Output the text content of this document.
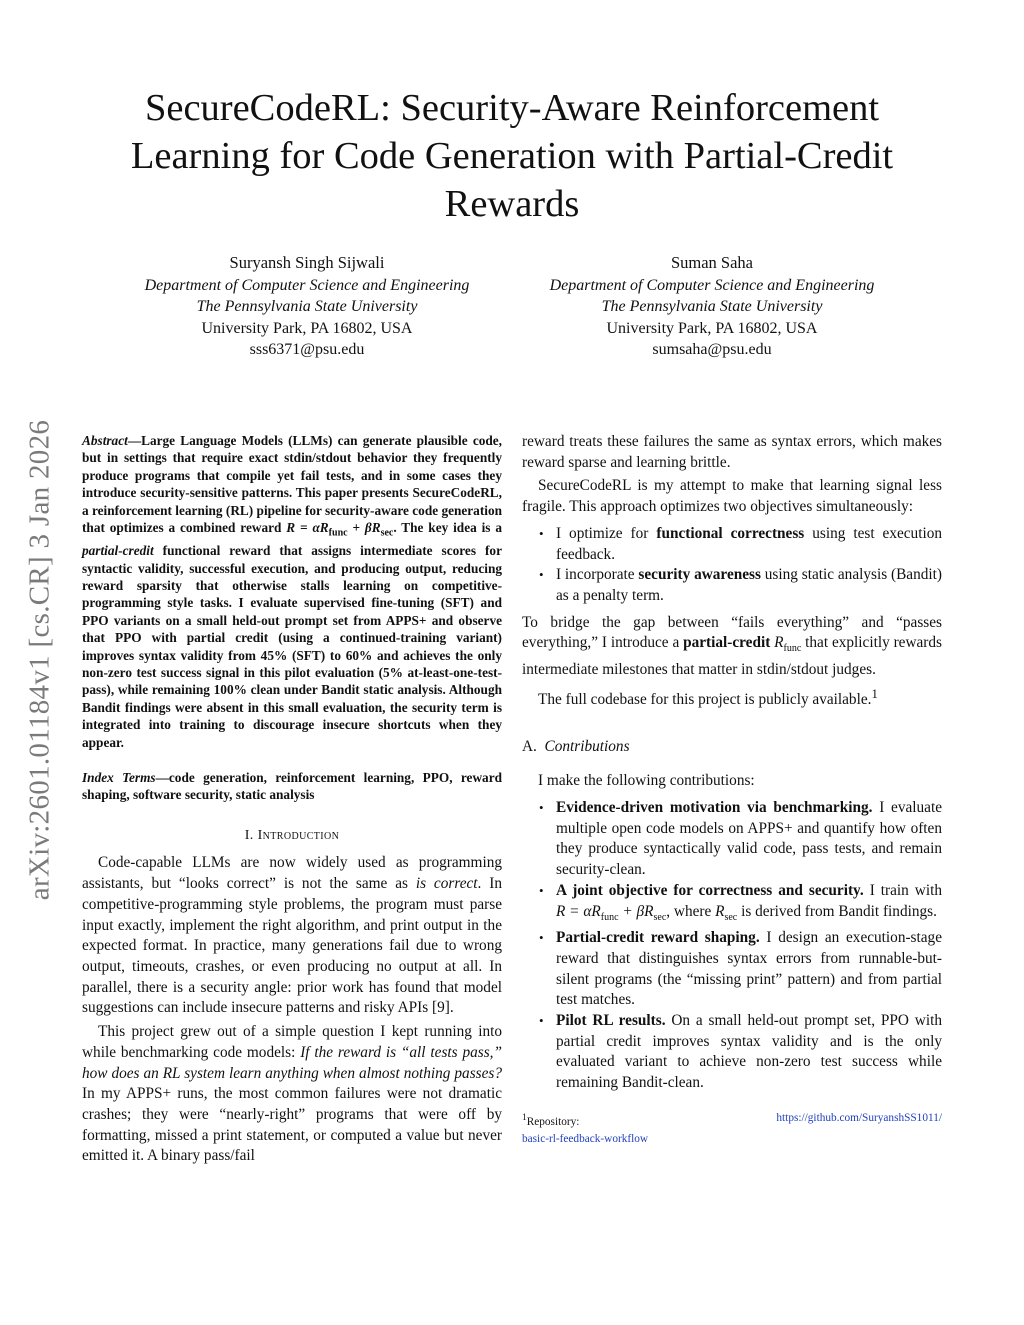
arXiv:2601.01184v1 [cs.CR] 3 Jan 2026
SecureCodeRL: Security-Aware Reinforcement Learning for Code Generation with Partial-Credit Rewards
Suryansh Singh Sijwali
Department of Computer Science and Engineering
The Pennsylvania State University
University Park, PA 16802, USA
sss6371@psu.edu
Suman Saha
Department of Computer Science and Engineering
The Pennsylvania State University
University Park, PA 16802, USA
sumsaha@psu.edu

Abstract—Large Language Models (LLMs) can generate plausible code, but in settings that require exact stdin/stdout behavior they frequently produce programs that compile yet fail tests, and in some cases they introduce security-sensitive patterns. This paper presents SecureCodeRL, a reinforcement learning (RL) pipeline for security-aware code generation that optimizes a combined reward $R = \alpha R_{func} + \beta R_{sec}$. The key idea is a partial-credit functional reward that assigns intermediate scores for syntactic validity, successful execution, and producing output, reducing reward sparsity that otherwise stalls learning on competitive-programming style tasks. I evaluate supervised fine-tuning (SFT) and PPO variants on a small held-out prompt set from APPS+ and observe that PPO with partial credit (using a continued-training variant) improves syntax validity from 45% (SFT) to 60% and achieves the only non-zero test success signal in this pilot evaluation (5% at-least-one-test-pass), while remaining 100% clean under Bandit static analysis. Although Bandit findings were absent in this small evaluation, the security term is integrated into training to discourage insecure shortcuts when they appear.

Index Terms—code generation, reinforcement learning, PPO, reward shaping, software security, static analysis

I. Introduction

Code-capable LLMs are now widely used as programming assistants, but “looks correct” is not the same as is correct. In competitive-programming style problems, the program must parse input exactly, implement the right algorithm, and print output in the expected format. In practice, many generations fail due to wrong output, timeouts, crashes, or even producing no output at all. In parallel, there is a security angle: prior work has found that model suggestions can include insecure patterns and risky APIs [9].

This project grew out of a simple question I kept running into while benchmarking code models: If the reward is “all tests pass,” how does an RL system learn anything when almost nothing passes? In my APPS+ runs, the most common failures were not dramatic crashes; they were “nearly-right” programs that were off by formatting, missed a print statement, or computed a value but never emitted it. A binary pass/fail

reward treats these failures the same as syntax errors, which makes reward sparse and learning brittle.

SecureCodeRL is my attempt to make that learning signal less fragile. This approach optimizes two objectives simultaneously:

• I optimize for functional correctness using test execution feedback.
• I incorporate security awareness using static analysis (Bandit) as a penalty term.

To bridge the gap between “fails everything” and “passes everything,” I introduce a partial-credit $R_{func}$ that explicitly rewards intermediate milestones that matter in stdin/stdout judges.

The full codebase for this project is publicly available.$^1$

A. Contributions

I make the following contributions:

• Evidence-driven motivation via benchmarking. I evaluate multiple open code models on APPS+ and quantify how often they produce syntactically valid code, pass tests, and remain security-clean.
• A joint objective for correctness and security. I train with $R = \alpha R_{func} + \beta R_{sec}$, where $R_{sec}$ is derived from Bandit findings.
• Partial-credit reward shaping. I design an execution-stage reward that distinguishes syntax errors from runnable-but-silent programs (the “missing print” pattern) and from partial test matches.
• Pilot RL results. On a small held-out prompt set, PPO with partial credit improves syntax validity and is the only evaluated variant to achieve non-zero test success while remaining Bandit-clean.
$^1$Repository:	https://github.com/SuryanshSS1011/
basic-rl-feedback-workflow
